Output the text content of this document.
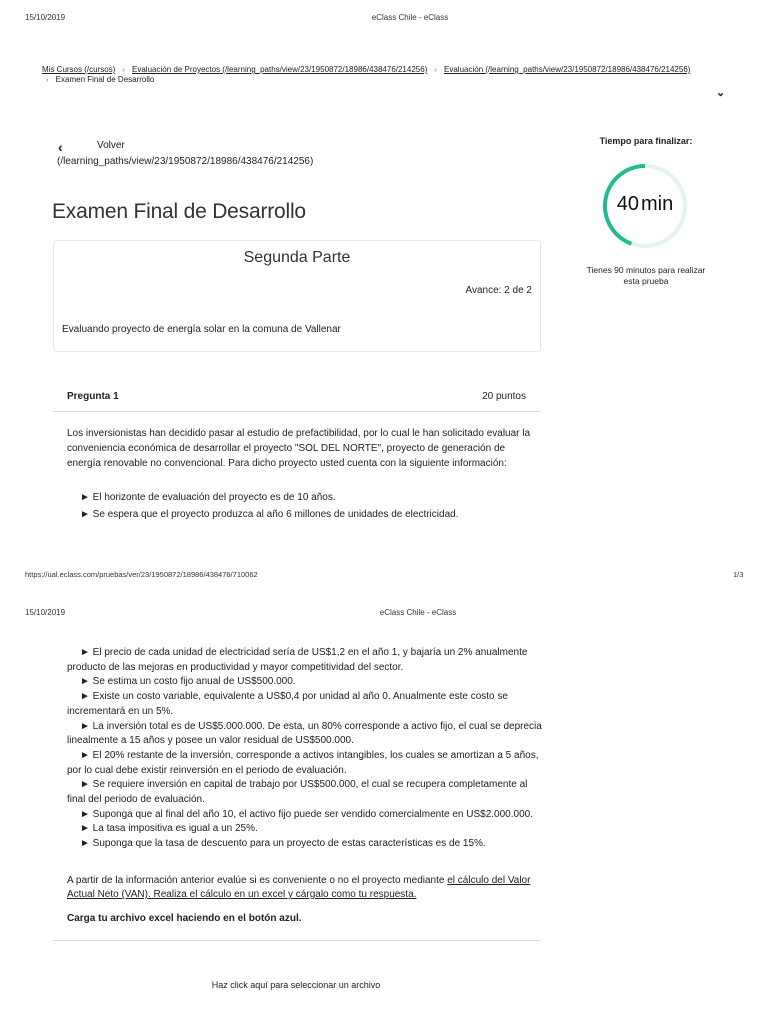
15/10/2019	eClass Chile - eClass
Mis Cursos (/cursos) › Evaluación de Proyectos (/learning_paths/view/23/1950872/18986/438476/214256) › Evaluación (/learning_paths/view/23/1950872/18986/438476/214256)
› Examen Final de Desarrollo
⌄
‹	Volver
(/learning_paths/view/23/1950872/18986/438476/214256)
Examen Final de Desarrollo
Segunda Parte
Avance: 2 de 2
Evaluando proyecto de energía solar en la comuna de Vallenar
Tiempo para finalizar:
40 min
Tienes 90 minutos para realizar esta prueba
Pregunta 1	20 puntos
Los inversionistas han decidido pasar al estudio de prefactibilidad, por lo cual le han solicitado evaluar la conveniencia económica de desarrollar el proyecto "SOL DEL NORTE", proyecto de generación de energía renovable no convencional. Para dicho proyecto usted cuenta con la siguiente información:
► El horizonte de evaluación del proyecto es de 10 años.
► Se espera que el proyecto produzca al año 6 millones de unidades de electricidad.
https://ual.eclass.com/pruebas/ver/23/1950872/18986/438476/710062	1/3
15/10/2019	eClass Chile - eClass
► El precio de cada unidad de electricidad sería de US$1,2 en el año 1, y bajaría un 2% anualmente producto de las mejoras en productividad y mayor competitividad del sector.
► Se estima un costo fijo anual de US$500.000.
► Existe un costo variable, equivalente a US$0,4 por unidad al año 0. Anualmente este costo se incrementará en un 5%.
► La inversión total es de US$5.000.000. De esta, un 80% corresponde a activo fijo, el cual se deprecia linealmente a 15 años y posee un valor residual de US$500.000.
► El 20% restante de la inversión, corresponde a activos intangibles, los cuales se amortizan a 5 años, por lo cual debe existir reinversión en el periodo de evaluación.
► Se requiere inversión en capital de trabajo por US$500.000, el cual se recupera completamente al final del periodo de evaluación.
► Suponga que al final del año 10, el activo fijo puede ser vendido comercialmente en US$2.000.000.
► La tasa impositiva es igual a un 25%.
► Suponga que la tasa de descuento para un proyecto de estas características es de 15%.
A partir de la información anterior evalúe si es conveniente o no el proyecto mediante el cálculo del Valor Actual Neto (VAN). Realiza el cálculo en un excel y cárgalo como tu respuesta.
Carga tu archivo excel haciendo en el botón azul.
Haz click aquí para seleccionar un archivo
